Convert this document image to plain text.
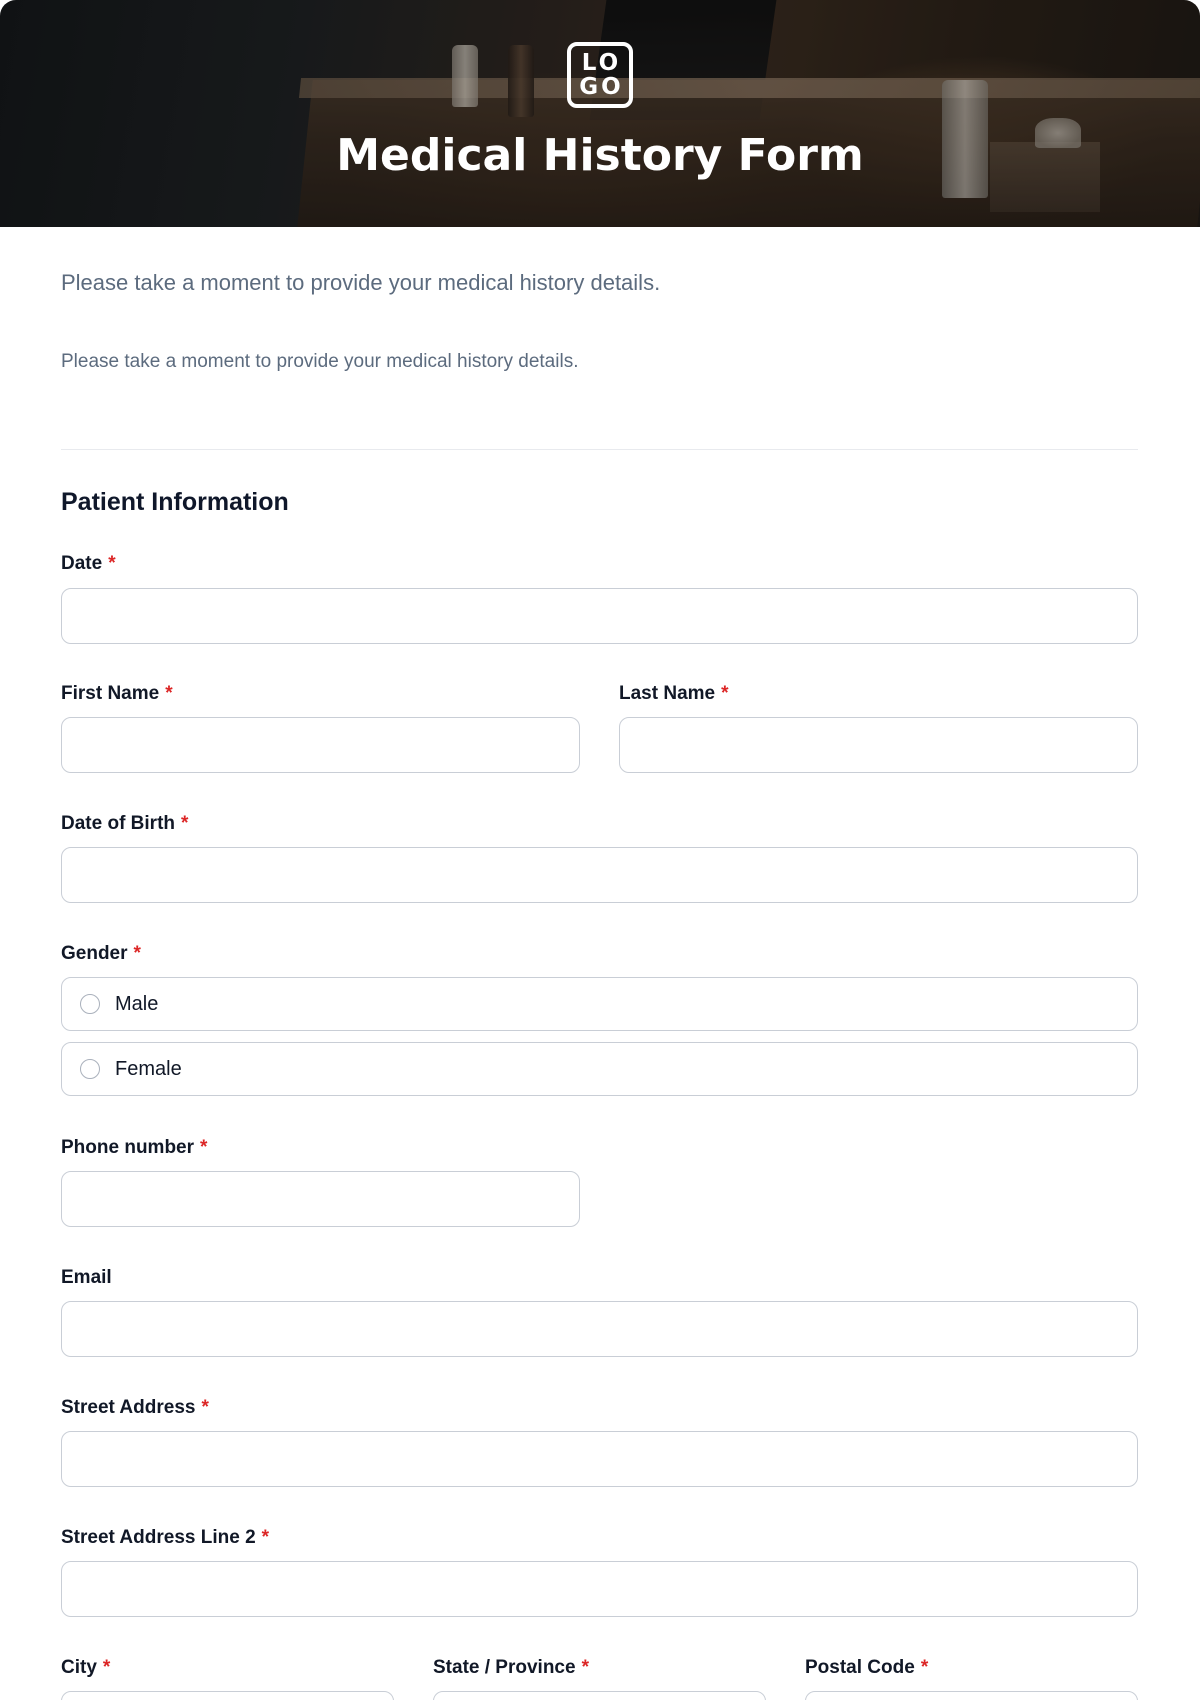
LO
GO
Medical History Form

Please take a moment to provide your medical history details.

Please take a moment to provide your medical history details.

Patient Information

Date *

First Name *	Last Name *

Date of Birth *

Gender *

Male
Female

Phone number *

Email

Street Address *

Street Address Line 2 *

City *	State / Province *	Postal Code *
